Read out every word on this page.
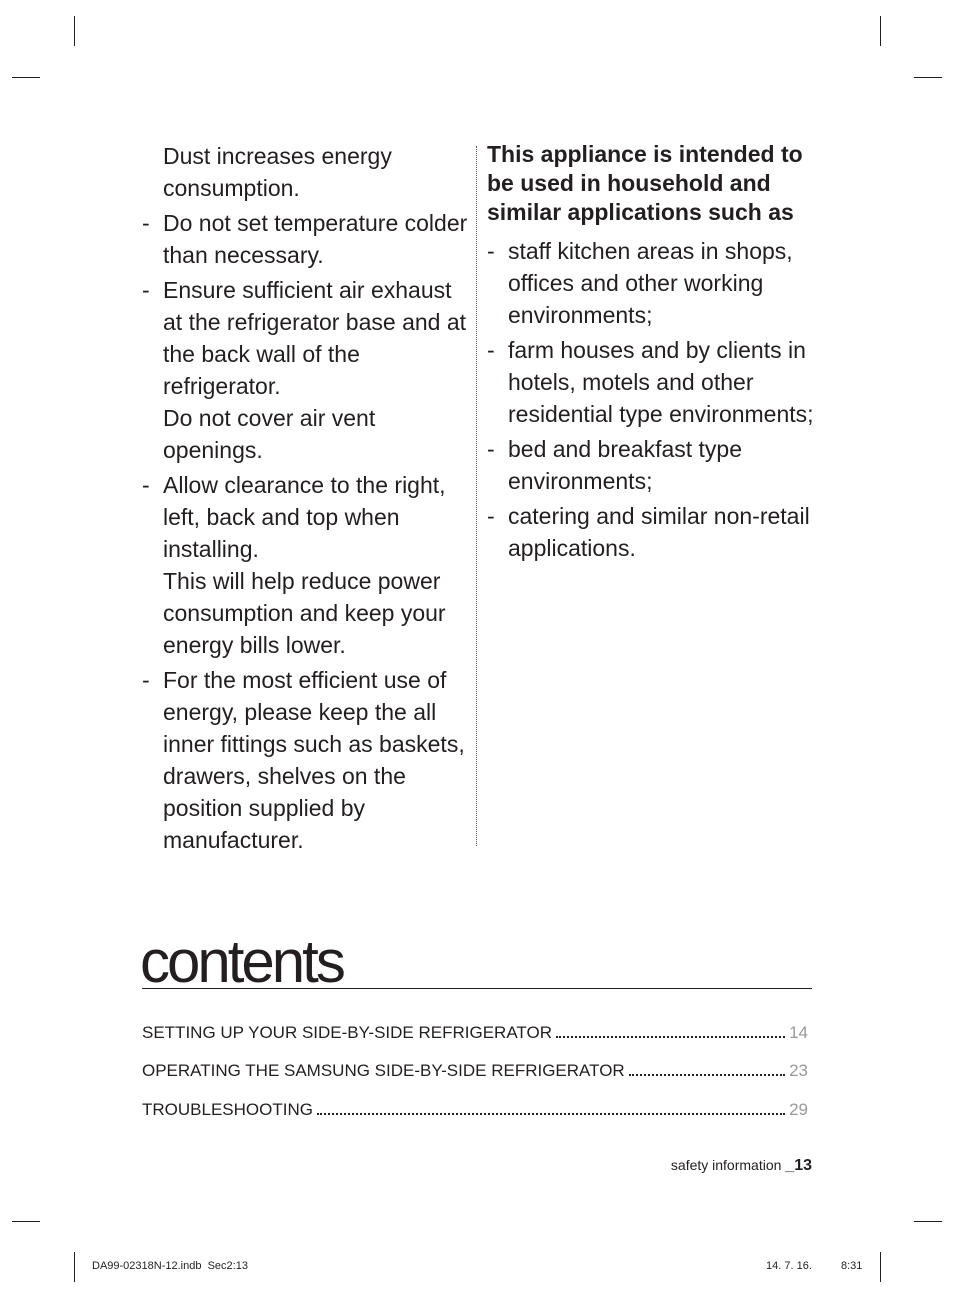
Dust increases energy consumption.
- Do not set temperature colder than necessary.
- Ensure sufficient air exhaust at the refrigerator base and at the back wall of the refrigerator.
Do not cover air vent openings.
- Allow clearance to the right, left, back and top when installing.
This will help reduce power consumption and keep your energy bills lower.
- For the most efficient use of energy, please keep the all inner fittings such as baskets, drawers, shelves on the position supplied by manufacturer.
This appliance is intended to be used in household and similar applications such as
- staff kitchen areas in shops, offices and other working environments;
- farm houses and by clients in hotels, motels and other residential type environments;
- bed and breakfast type environments;
- catering and similar non-retail applications.
contents
SETTING UP YOUR SIDE-BY-SIDE REFRIGERATOR	14
OPERATING THE SAMSUNG SIDE-BY-SIDE REFRIGERATOR	23
TROUBLESHOOTING	29
safety information _13
DA99-02318N-12.indb Sec2:13	14. 7. 16.	8:31
